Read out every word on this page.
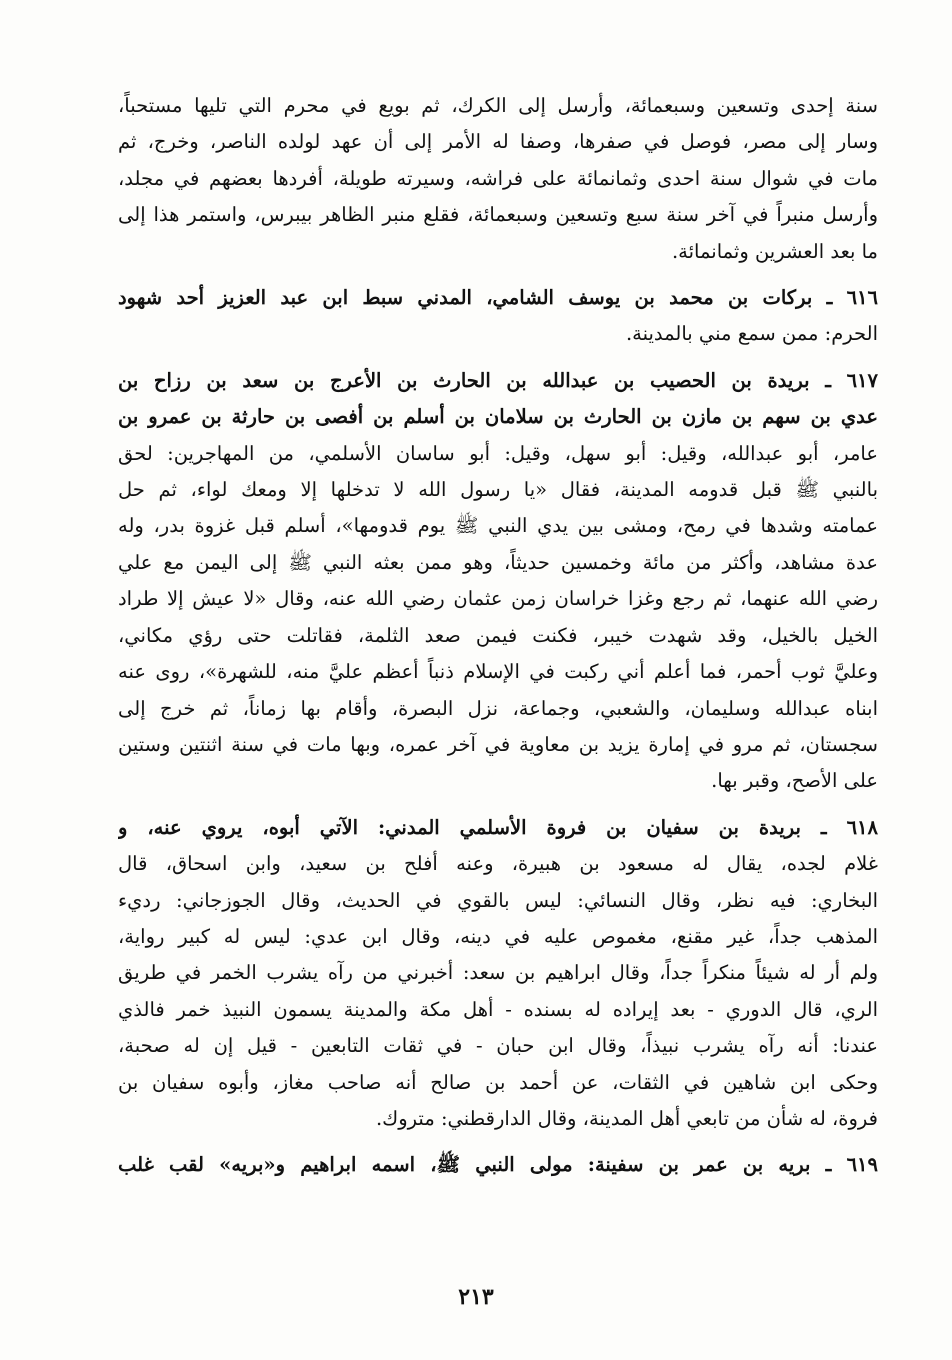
سنة إحدى وتسعين وسبعمائة، وأرسل إلى الكرك، ثم بويع في محرم التي تليها مستحباً،
وسار إلى مصر، فوصل في صفرها، وصفا له الأمر إلى أن عهد لولده الناصر، وخرج، ثم
مات في شوال سنة احدى وثمانمائة على فراشه، وسيرته طويلة، أفردها بعضهم في مجلد،
وأرسل منبراً في آخر سنة سبع وتسعين وسبعمائة، فقلع منبر الظاهر بيبرس، واستمر هذا إلى
ما بعد العشرين وثمانمائة.

٦١٦ ـ بركات بن محمد بن يوسف الشامي، المدني سبط ابن عبد العزيز أحد شهود
الحرم: ممن سمع مني بالمدينة.

٦١٧ ـ بريدة بن الحصيب بن عبدالله بن الحارث بن الأعرج بن سعد بن رزاح بن
عدي بن سهم بن مازن بن الحارث بن سلامان بن أسلم بن أفصى بن حارثة بن عمرو بن
عامر، أبو عبدالله، وقيل: أبو سهل، وقيل: أبو ساسان الأسلمي، من المهاجرين: لحق
بالنبي ﷺ قبل قدومه المدينة، فقال «يا رسول الله لا تدخلها إلا ومعك لواء، ثم حل
عمامته وشدها في رمح، ومشى بين يدي النبي ﷺ يوم قدومها»، أسلم قبل غزوة بدر، وله
عدة مشاهد، وأكثر من مائة وخمسين حديثاً، وهو ممن بعثه النبي ﷺ إلى اليمن مع علي
رضي الله عنهما، ثم رجع وغزا خراسان زمن عثمان رضي الله عنه، وقال «لا عيش إلا طراد
الخيل بالخيل، وقد شهدت خيبر، فكنت فيمن صعد الثلمة، فقاتلت حتى رؤي مكاني،
وعليَّ ثوب أحمر، فما أعلم أني ركبت في الإسلام ذنباً أعظم عليَّ منه، للشهرة»، روى عنه
ابناه عبدالله وسليمان، والشعبي، وجماعة، نزل البصرة، وأقام بها زماناً، ثم خرج إلى
سجستان، ثم مرو في إمارة يزيد بن معاوية في آخر عمره، وبها مات في سنة اثنتين وستين
على الأصح، وقبر بها.

٦١٨ ـ بريدة بن سفيان بن فروة الأسلمي المدني: الآتي أبوه، يروي عنه، و
غلام لجده، يقال له مسعود بن هبيرة، وعنه أفلح بن سعيد، وابن اسحاق، قال
البخاري: فيه نظر، وقال النسائي: ليس بالقوي في الحديث، وقال الجوزجاني: رديء
المذهب جداً، غير مقنع، مغموص عليه في دينه، وقال ابن عدي: ليس له كبير رواية،
ولم أر له شيئاً منكراً جداً، وقال ابراهيم بن سعد: أخبرني من رآه يشرب الخمر في طريق
الري، قال الدوري - بعد إيراده له بسنده - أهل مكة والمدينة يسمون النبيذ خمر فالذي
عندنا: أنه رآه يشرب نبيذاً، وقال ابن حبان - في ثقات التابعين - قيل إن له صحبة،
وحكى ابن شاهين في الثقات، عن أحمد بن صالح أنه صاحب مغاز، وأبوه سفيان بن
فروة، له شأن من تابعي أهل المدينة، وقال الدارقطني: متروك.

٦١٩ ـ بريه بن عمر بن سفينة: مولى النبي ﷺ، اسمه ابراهيم و«بريه» لقب غلب

٢١٣
